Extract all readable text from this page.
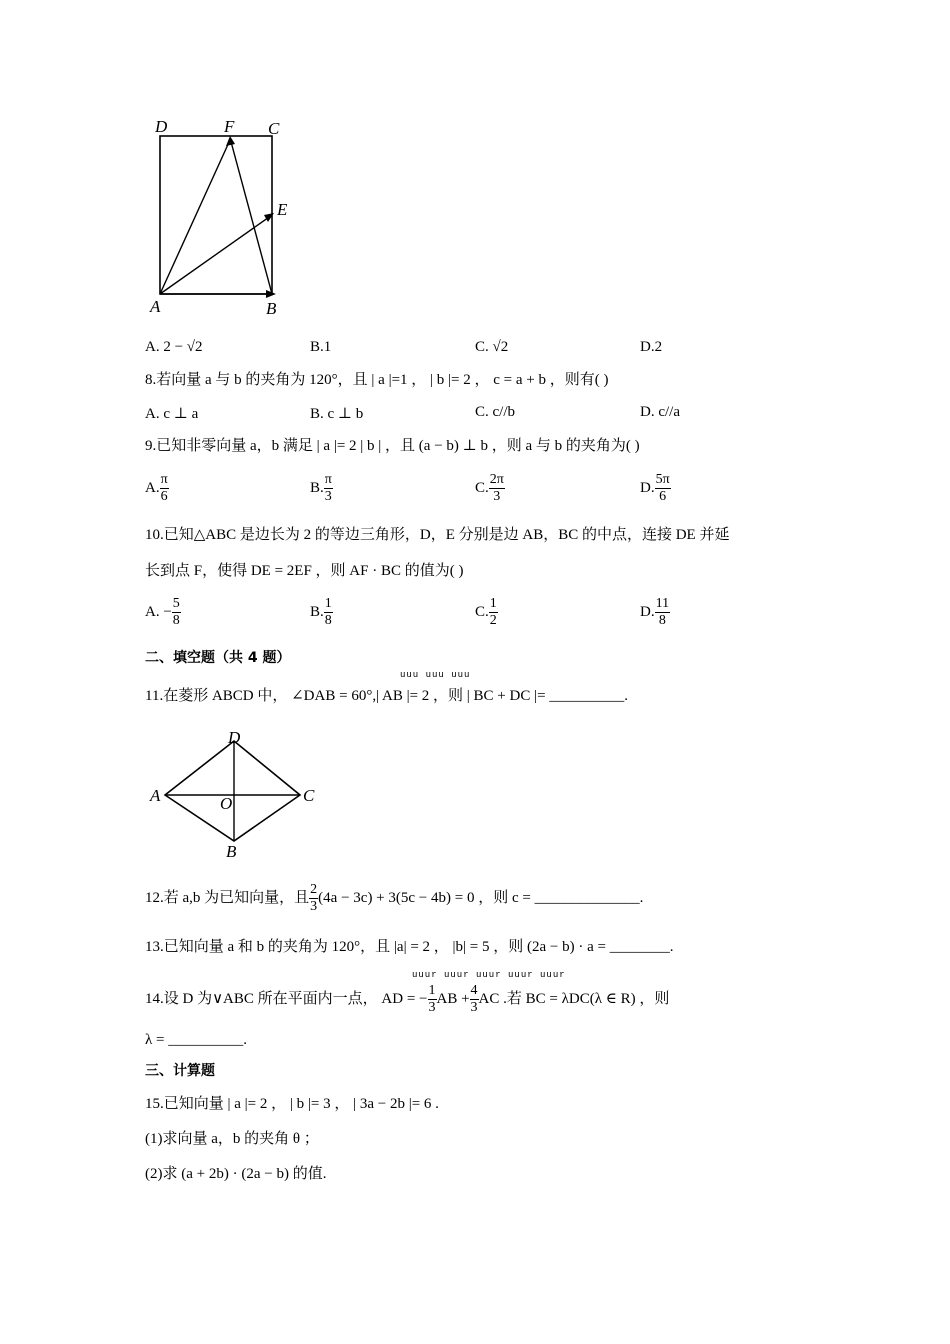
D	F C
E
A	B
A. 2 − √2	B.1	C. √2	D.2
8.若向量 a 与 b 的夹角为 120°，且 | a |=1 ， | b |= 2 ， c = a + b ，则有( )
A. c ⊥ a	B. c ⊥ b	C. c//b	D. c//a
9.已知非零向量 a，b 满足 | a |= 2 | b | ，且 (a − b) ⊥ b ，则 a 与 b 的夹角为( )
A. $\frac{\pi}{6}$	B. $\frac{\pi}{3}$	C. $\frac{2\pi}{3}$	D. $\frac{5\pi}{6}$
10.已知△ABC 是边长为 2 的等边三角形，D，E 分别是边 AB，BC 的中点，连接 DE 并延
长到点 F，使得 DE = 2EF ，则 AF · BC 的值为( )
A. − $\frac{5}{8}$	B. $\frac{1}{8}$	C. $\frac{1}{2}$	D. $\frac{11}{8}$
二、填空题（共 4 题）
uuu uuu uuu
11.在菱形 ABCD 中， ∠DAB = 60°,| AB |= 2 ，则 | BC + DC |= __________.
D
A	O	C
B
12.若 a,b 为已知向量，且 $\frac{2}{3} (4a - 3c) + 3(5c - 4b) = 0$ ，则 c = ______________.
13.已知向量 a 和 b 的夹角为 120°，且 |a| = 2 ， |b| = 5 ，则 (2a − b) · a = ________.
uuur uuur uuur uuur uuur
14.设 D 为∨ABC 所在平面内一点， AD = − $\frac{1}{3}$ AB + $\frac{4}{3}$ AC .若 BC = λDC(λ ∈ R) ，则
λ = __________.
三、计算题
15.已知向量 | a |= 2 ， | b |= 3 ， | 3a − 2b |= 6 .
(1)求向量 a，b 的夹角 θ ；
(2)求 (a + 2b) · (2a − b) 的值.
